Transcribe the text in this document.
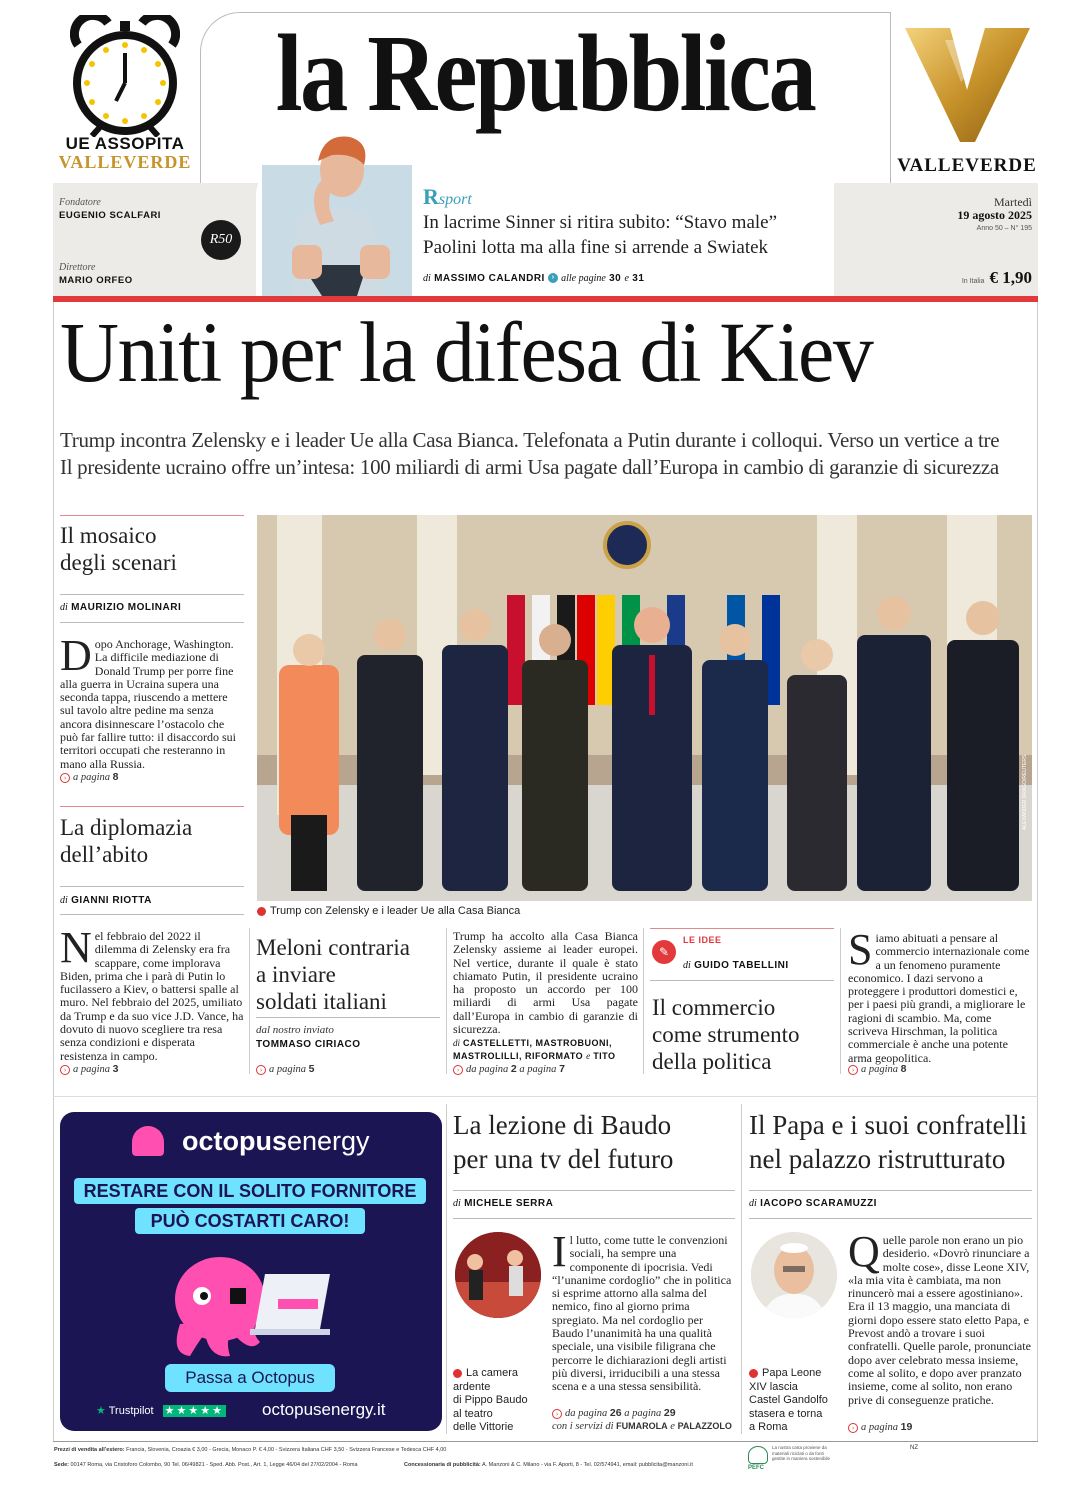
UE ASSOPITA
VALLEVERDE
la Repubblica
VALLEVERDE
Fondatore
EUGENIO SCALFARI
Direttore
MARIO ORFEO
R50
Rsport
In lacrime Sinner si ritira subito: “Stavo male”
Paolini lotta ma alla fine si arrende a Swiatek
di MASSIMO CALANDRI › alle pagine 30 e 31
Martedì
19 agosto 2025
Anno 50 – N° 195
In Italia € 1,90
Uniti per la difesa di Kiev
Trump incontra Zelensky e i leader Ue alla Casa Bianca. Telefonata a Putin durante i colloqui. Verso un vertice a tre
Il presidente ucraino offre un’intesa: 100 miliardi di armi Usa pagate dall’Europa in cambio di garanzie di sicurezza
ALEXANDER DRAGO/REUTERS
Trump con Zelensky e i leader Ue alla Casa Bianca
Il mosaico
degli scenari
di MAURIZIO MOLINARI
Dopo Anchorage, Washington. La difficile mediazione di Donald Trump per porre fine alla guerra in Ucraina supera una seconda tappa, riuscendo a mettere sul tavolo altre pedine ma senza ancora disinnescare l’ostacolo che può far fallire tutto: il disaccordo sui territori occupati che resteranno in mano alla Russia.
› a pagina 8
La diplomazia
dell’abito
di GIANNI RIOTTA
Nel febbraio del 2022 il dilemma di Zelensky era fra scappare, come imploravа Biden, prima che i parà di Putin lo fucilassero a Kiev, o battersi spalle al muro. Nel febbraio del 2025, umiliato da Trump e da suo vice J.D. Vance, ha dovuto di nuovo scegliere tra resa senza condizioni e disperata resistenza in campo.
› a pagina 3
Meloni contraria
a inviare
soldati italiani
dal nostro inviato
TOMMASO CIRIACO
› a pagina 5
Trump ha accolto alla Casa Bianca Zelensky assieme ai leader europei. Nel vertice, durante il quale è stato chiamato Putin, il presidente ucraino ha proposto un accordo per 100 miliardi di armi Usa pagate dall’Europa in cambio di garanzie di sicurezza.
di CASTELLETTI, MASTROBUONI,
MASTROLILLI, RIFORMATO e TITO
› da pagina 2 a pagina 7
✎
LE IDEE
di GUIDO TABELLINI
Il commercio
come strumento
della politica
Siamo abituati a pensare al commercio internazionale come a un fenomeno puramente economico. I dazi servono a proteggere i produttori domestici e, per i paesi più grandi, a migliorare le ragioni di scambio. Ma, come scriveva Hirschman, la politica commerciale è anche una potente arma geopolitica.
› a pagina 8
octopusenergy
RESTARE CON IL SOLITO FORNITORE
PUÒ COSTARTI CARO!
Passa a Octopus
★ Trustpilot ★★★★★ octopusenergy.it
La lezione di Baudo
per una tv del futuro
di MICHELE SERRA
La camera
ardente
di Pippo Baudo
al teatro
delle Vittorie
Il lutto, come tutte le convenzioni sociali, ha sempre una componente di ipocrisia. Vedi “l’unanime cordoglio” che in politica si esprime attorno alla salma del nemico, fino al giorno prima spregiato. Ma nel cordoglio per Baudo l’unanimità ha una qualità speciale, una visibile filigrana che percorre le dichiarazioni degli artisti più diversi, irriducibili a una stessa scena e a una stessa sensibilità.
› da pagina 26 a pagina 29
con i servizi di FUMAROLA e PALAZZOLO
Il Papa e i suoi confratelli
nel palazzo ristrutturato
di IACOPO SCARAMUZZI
Papa Leone
XIV lascia
Castel Gandolfo
stasera e torna
a Roma
Quelle parole non erano un pio desiderio. «Dovrò rinunciare a molte cose», disse Leone XIV, «la mia vita è cambiata, ma non rinuncerò mai a essere agostiniano». Era il 13 maggio, una manciata di giorni dopo essere stato eletto Papa, e Prevost andò a trovare i suoi confratelli. Quelle parole, pronunciate dopo aver celebrato messa insieme, come al solito, e dopo aver pranzato insieme, come al solito, non erano prive di conseguenze pratiche.
› a pagina 19
Prezzi di vendita all’estero: Francia, Slovenia, Croazia € 3,00 - Grecia, Monaco P. € 4,00 - Svizzera Italiana CHF 3,50 - Svizzera Francese e Tedesca CHF 4,00
Sede: 00147 Roma, via Cristoforo Colombo, 90 Tel. 06/49821 - Sped. Abb. Post., Art. 1, Legge 46/04 del 27/02/2004 - Roma	Concessionaria di pubblicità: A. Manzoni & C. Milano - via F. Aporti, 8 - Tel. 02/574941, email: pubblicita@manzoni.it	PEFC
La nostra carta proviene da materiali riciclati o da fonti gestite in maniera sostenibile
NZ
